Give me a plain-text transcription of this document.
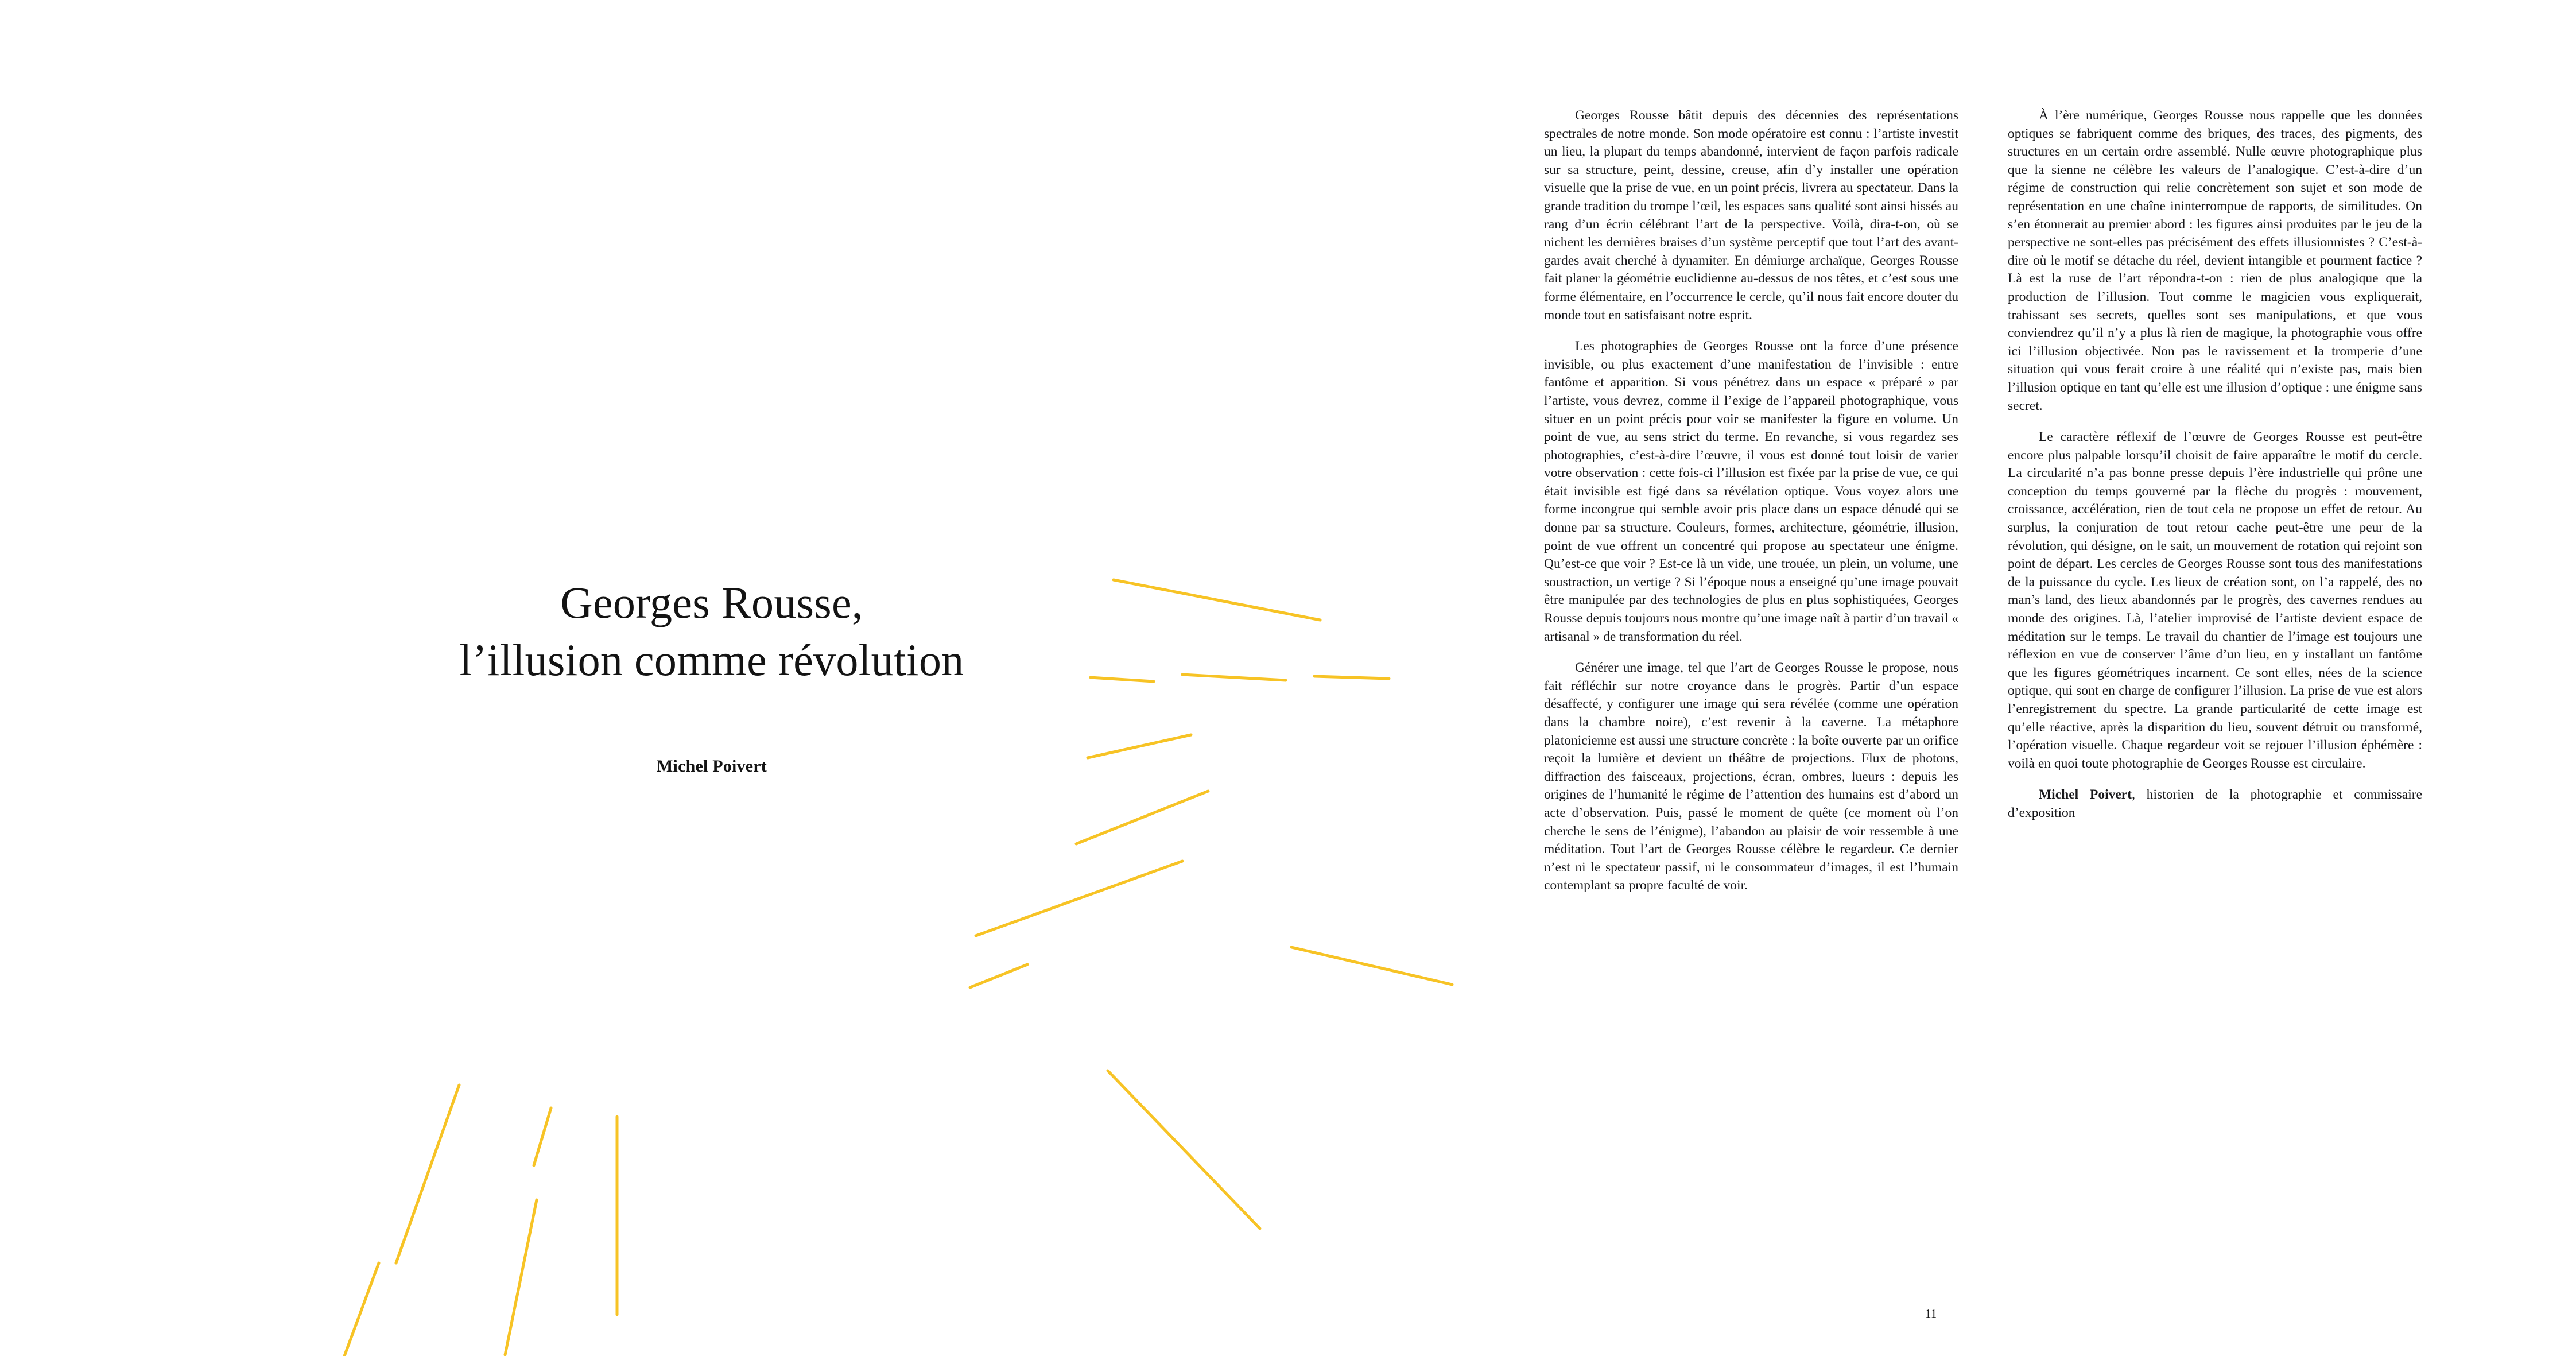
Georges Rousse,
l’illusion comme révolution
Michel Poivert

Georges Rousse bâtit depuis des décennies des représentations spectrales de notre monde. Son mode opératoire est connu : l’artiste investit un lieu, la plupart du temps abandonné, intervient de façon parfois radicale sur sa structure, peint, dessine, creuse, afin d’y installer une opération visuelle que la prise de vue, en un point précis, livrera au spectateur. Dans la grande tradition du trompe l’œil, les espaces sans qualité sont ainsi hissés au rang d’un écrin célébrant l’art de la perspective. Voilà, dira-t-on, où se nichent les dernières braises d’un système perceptif que tout l’art des avant-gardes avait cherché à dynamiter. En démiurge archaïque, Georges Rousse fait planer la géométrie euclidienne au-dessus de nos têtes, et c’est sous une forme élémentaire, en l’occurrence le cercle, qu’il nous fait encore douter du monde tout en satisfaisant notre esprit.

Les photographies de Georges Rousse ont la force d’une présence invisible, ou plus exactement d’une manifestation de l’invisible : entre fantôme et apparition. Si vous pénétrez dans un espace « préparé » par l’artiste, vous devrez, comme il l’exige de l’appareil photographique, vous situer en un point précis pour voir se manifester la figure en volume. Un point de vue, au sens strict du terme. En revanche, si vous regardez ses photographies, c’est-à-dire l’œuvre, il vous est donné tout loisir de varier votre observation : cette fois-ci l’illusion est fixée par la prise de vue, ce qui était invisible est figé dans sa révélation optique. Vous voyez alors une forme incongrue qui semble avoir pris place dans un espace dénudé qui se donne par sa structure. Couleurs, formes, architecture, géométrie, illusion, point de vue offrent un concentré qui propose au spectateur une énigme. Qu’est-ce que voir ? Est-ce là un vide, une trouée, un plein, un volume, une soustraction, un vertige ? Si l’époque nous a enseigné qu’une image pouvait être manipulée par des technologies de plus en plus sophistiquées, Georges Rousse depuis toujours nous montre qu’une image naît à partir d’un travail « artisanal » de transformation du réel.

Générer une image, tel que l’art de Georges Rousse le propose, nous fait réfléchir sur notre croyance dans le progrès. Partir d’un espace désaffecté, y configurer une image qui sera révélée (comme une opération dans la chambre noire), c’est revenir à la caverne. La métaphore platonicienne est aussi une structure concrète : la boîte ouverte par un orifice reçoit la lumière et devient un théâtre de projections. Flux de photons, diffraction des faisceaux, projections, écran, ombres, lueurs : depuis les origines de l’humanité le régime de l’attention des humains est d’abord un acte d’observation. Puis, passé le moment de quête (ce moment où l’on cherche le sens de l’énigme), l’abandon au plaisir de voir ressemble à une méditation. Tout l’art de Georges Rousse célèbre le regardeur. Ce dernier n’est ni le spectateur passif, ni le consommateur d’images, il est l’humain contemplant sa propre faculté de voir.

À l’ère numérique, Georges Rousse nous rappelle que les données optiques se fabriquent comme des briques, des traces, des pigments, des structures en un certain ordre assemblé. Nulle œuvre photographique plus que la sienne ne célèbre les valeurs de l’analogique. C’est-à-dire d’un régime de construction qui relie concrètement son sujet et son mode de représentation en une chaîne ininterrompue de rapports, de similitudes. On s’en étonnerait au premier abord : les figures ainsi produites par le jeu de la perspective ne sont-elles pas précisément des effets illusionnistes ? C’est-à-dire où le motif se détache du réel, devient intangible et pourment factice ? Là est la ruse de l’art répondra-t-on : rien de plus analogique que la production de l’illusion. Tout comme le magicien vous expliquerait, trahissant ses secrets, quelles sont ses manipulations, et que vous conviendrez qu’il n’y a plus là rien de magique, la photographie vous offre ici l’illusion objectivée. Non pas le ravissement et la tromperie d’une situation qui vous ferait croire à une réalité qui n’existe pas, mais bien l’illusion optique en tant qu’elle est une illusion d’optique : une énigme sans secret.

Le caractère réflexif de l’œuvre de Georges Rousse est peut-être encore plus palpable lorsqu’il choisit de faire apparaître le motif du cercle. La circularité n’a pas bonne presse depuis l’ère industrielle qui prône une conception du temps gouverné par la flèche du progrès : mouvement, croissance, accélération, rien de tout cela ne propose un effet de retour. Au surplus, la conjuration de tout retour cache peut-être une peur de la révolution, qui désigne, on le sait, un mouvement de rotation qui rejoint son point de départ. Les cercles de Georges Rousse sont tous des manifestations de la puissance du cycle. Les lieux de création sont, on l’a rappelé, des no man’s land, des lieux abandonnés par le progrès, des cavernes rendues au monde des origines. Là, l’atelier improvisé de l’artiste devient espace de méditation sur le temps. Le travail du chantier de l’image est toujours une réflexion en vue de conserver l’âme d’un lieu, en y installant un fantôme que les figures géométriques incarnent. Ce sont elles, nées de la science optique, qui sont en charge de configurer l’illusion. La prise de vue est alors l’enregistrement du spectre. La grande particularité de cette image est qu’elle réactive, après la disparition du lieu, souvent détruit ou transformé, l’opération visuelle. Chaque regardeur voit se rejouer l’illusion éphémère : voilà en quoi toute photographie de Georges Rousse est circulaire.

Michel Poivert, historien de la photographie et commissaire d’exposition

11
